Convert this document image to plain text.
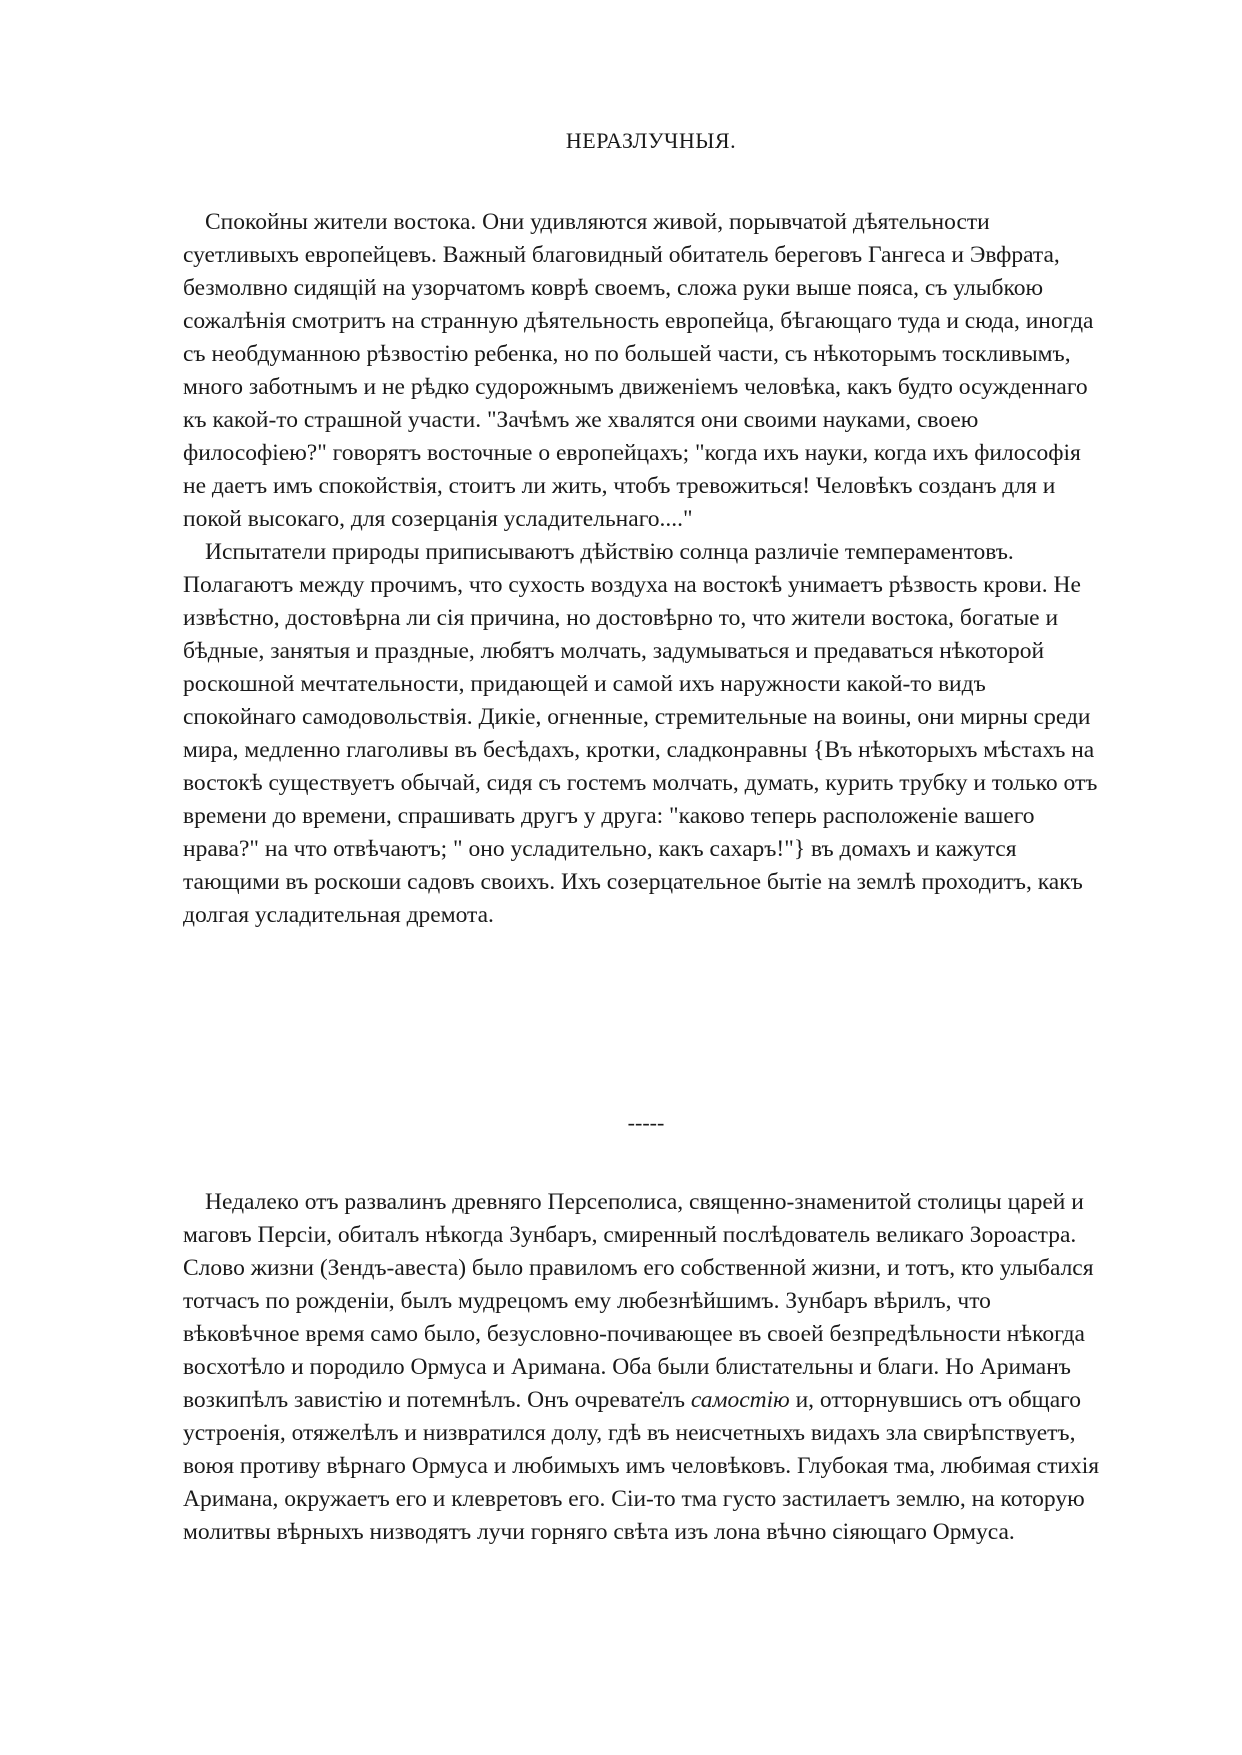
НЕРАЗЛУЧНЫЯ.

Спокойны жители востока. Они удивляются живой, порывчатой дѣятельности суетливыхъ европейцевъ. Важный благовидный обитатель береговъ Гангеса и Эвфрата, безмолвно сидящій на узорчатомъ коврѣ своемъ, сложа руки выше пояса, съ улыбкою сожалѣнія смотритъ на странную дѣятельность европейца, бѣгающаго туда и сюда, иногда съ необдуманною рѣзвостію ребенка, но по большей части, съ нѣкоторымъ тоскливымъ, много заботнымъ и не рѣдко судорожнымъ движеніемъ человѣка, какъ будто осужденнаго къ какой-то страшной участи. "Зачѣмъ же хвалятся они своими науками, своею философіею?" говорятъ восточные о европейцахъ; "когда ихъ науки, когда ихъ философія не даетъ имъ спокойствія, стоитъ ли жить, чтобъ тревожиться! Человѣкъ созданъ для и покой высокаго, для созерцанія усладительнаго...."

Испытатели природы приписываютъ дѣйствію солнца различіе темпераментовъ. Полагаютъ между прочимъ, что сухость воздуха на востокѣ унимаетъ рѣзвость крови. Не извѣстно, достовѣрна ли сія причина, но достовѣрно то, что жители востока, богатые и бѣдные, занятыя и праздные, любятъ молчать, задумываться и предаваться нѣкоторой роскошной мечтательности, придающей и самой ихъ наружности какой-то видъ спокойнаго самодовольствія. Дикіе, огненные, стремительные на воины, они мирны среди мира, медленно глаголивы въ бесѣдахъ, кротки, сладконравны {Въ нѣкоторыхъ мѣстахъ на востокѣ существуетъ обычай, сидя съ гостемъ молчать, думать, курить трубку и только отъ времени до времени, спрашивать другъ у друга: "каково теперь расположеніе вашего нрава?" на что отвѣчаютъ; " оно усладительно, какъ сахаръ!"} въ домахъ и кажутся тающими въ роскоши садовъ своихъ. Ихъ созерцательное бытіе на землѣ проходитъ, какъ долгая усладительная дремота.

-----

Недалеко отъ развалинъ древняго Персеполиса, священно-знаменитой столицы царей и маговъ Персіи, обиталъ нѣкогда Зунбаръ, смиренный послѣдователь великаго Зороастра. Слово жизни (Зендъ-авеста) было правиломъ его собственной жизни, и тотъ, кто улыбался тотчасъ по рожденіи, былъ мудрецомъ ему любезнѣйшимъ. Зунбаръ вѣрилъ, что вѣковѣчное время само было, безусловно-почивающее въ своей безпредѣльности нѣкогда восхотѣло и породило Ормуса и Аримана. Оба были блистательны и благи. Но Ариманъ возкипѣлъ завистію и потемнѣлъ. Онъ очревате̇лъ самостію и, отторнувшись отъ общаго устроенія, отяжелѣлъ и низвратился долу, гдѣ въ неисчетныхъ видахъ зла свирѣпствуетъ, воюя противу вѣрнаго Ормуса и любимыхъ имъ человѣковъ. Глубокая тма, любимая стихія Аримана, окружаетъ его и клевретовъ его. Сіи-то тма густо застилаетъ землю, на которую молитвы вѣрныхъ низводятъ лучи горняго свѣта изъ лона вѣчно сіяющаго Ормуса.
